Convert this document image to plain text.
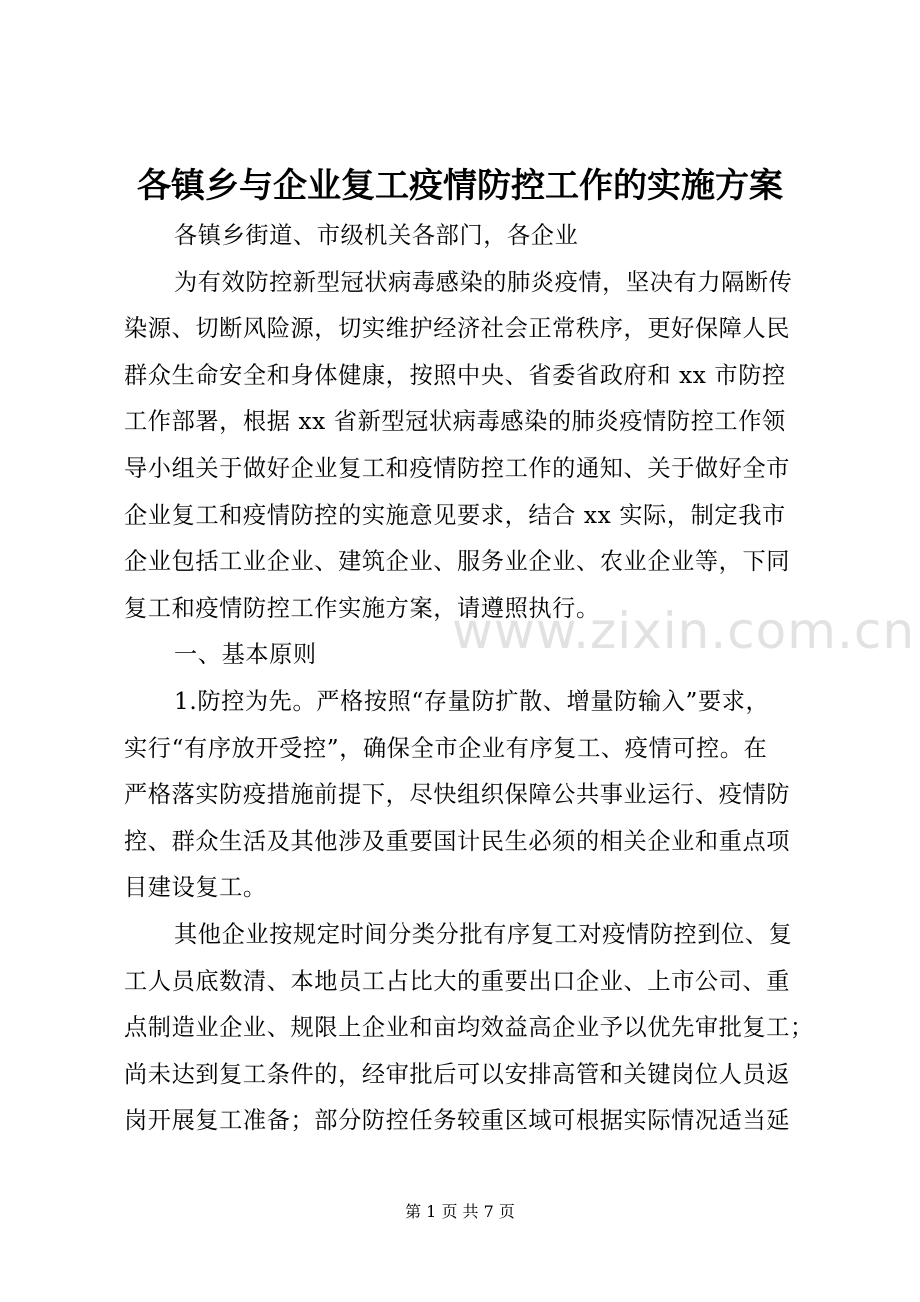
各镇乡与企业复工疫情防控工作的实施方案
各镇乡街道、市级机关各部门，各企业
为有效防控新型冠状病毒感染的肺炎疫情，坚决有力隔断传
染源、切断风险源，切实维护经济社会正常秩序，更好保障人民
群众生命安全和身体健康，按照中央、省委省政府和 xx 市防控
工作部署，根据 xx 省新型冠状病毒感染的肺炎疫情防控工作领
导小组关于做好企业复工和疫情防控工作的通知、关于做好全市
企业复工和疫情防控的实施意见要求，结合 xx 实际，制定我市
企业包括工业企业、建筑企业、服务业企业、农业企业等，下同
复工和疫情防控工作实施方案，请遵照执行。
一、基本原则
1.防控为先。严格按照“存量防扩散、增量防输入”要求，
实行“有序放开受控”，确保全市企业有序复工、疫情可控。在
严格落实防疫措施前提下，尽快组织保障公共事业运行、疫情防
控、群众生活及其他涉及重要国计民生必须的相关企业和重点项
目建设复工。
其他企业按规定时间分类分批有序复工对疫情防控到位、复
工人员底数清、本地员工占比大的重要出口企业、上市公司、重
点制造业企业、规限上企业和亩均效益高企业予以优先审批复工；
尚未达到复工条件的，经审批后可以安排高管和关键岗位人员返
岗开展复工准备；部分防控任务较重区域可根据实际情况适当延
www.zixin.com.cn
第 1 页 共 7 页
